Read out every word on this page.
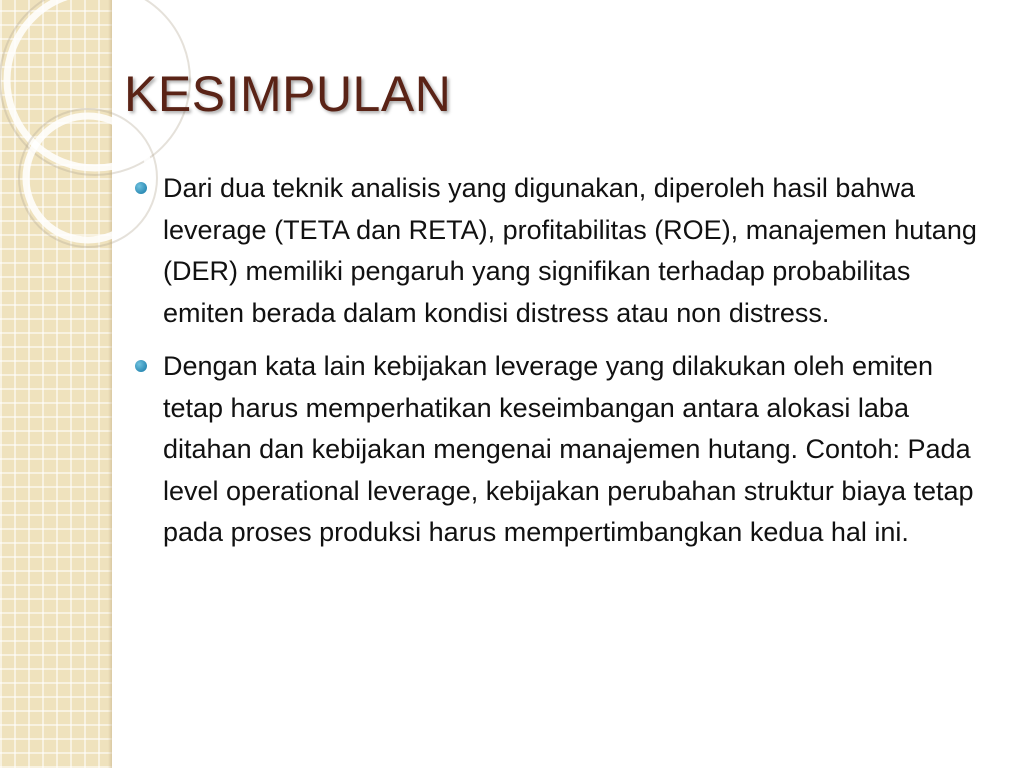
KESIMPULAN
Dari dua teknik analisis yang digunakan, diperoleh hasil bahwa leverage (TETA dan RETA), profitabilitas (ROE), manajemen hutang (DER) memiliki pengaruh yang signifikan terhadap probabilitas emiten berada dalam kondisi distress atau non distress.
Dengan kata lain kebijakan leverage yang dilakukan oleh emiten tetap harus memperhatikan keseimbangan antara alokasi laba ditahan dan kebijakan mengenai manajemen hutang. Contoh: Pada level operational leverage, kebijakan perubahan struktur biaya tetap pada proses produksi harus mempertimbangkan kedua hal ini.
